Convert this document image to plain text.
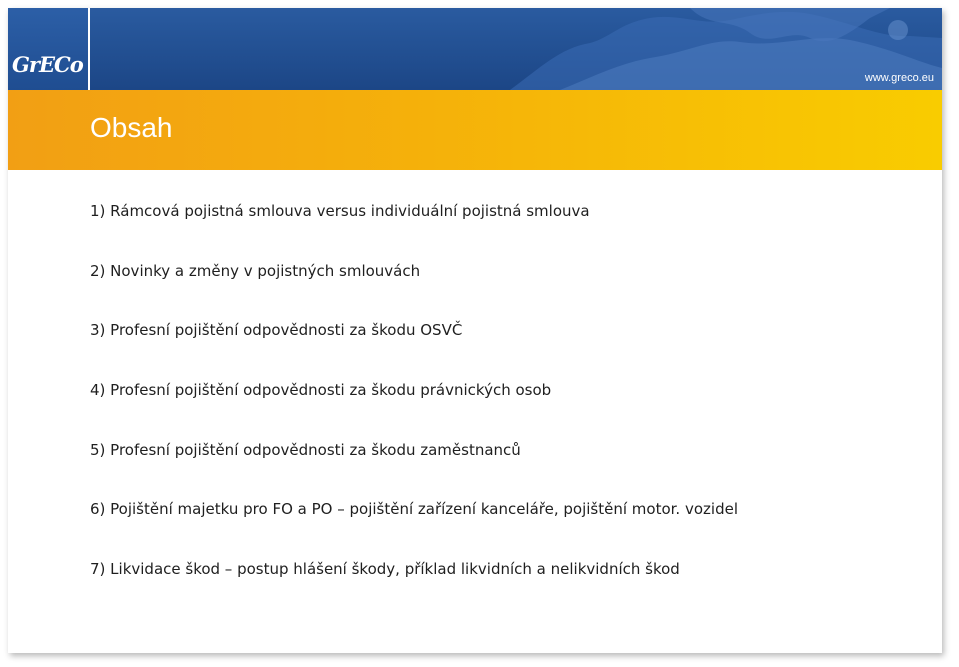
GrECo
www.greco.eu
Obsah
1) Rámcová pojistná smlouva versus individuální pojistná smlouva
2) Novinky a změny v pojistných smlouvách
3) Profesní pojištění odpovědnosti za škodu OSVČ
4) Profesní pojištění odpovědnosti za škodu právnických osob
5) Profesní pojištění odpovědnosti za škodu zaměstnanců
6) Pojištění majetku pro FO a PO – pojištění zařízení kanceláře, pojištění motor. vozidel
7) Likvidace škod – postup hlášení škody, příklad likvidních a nelikvidních škod
